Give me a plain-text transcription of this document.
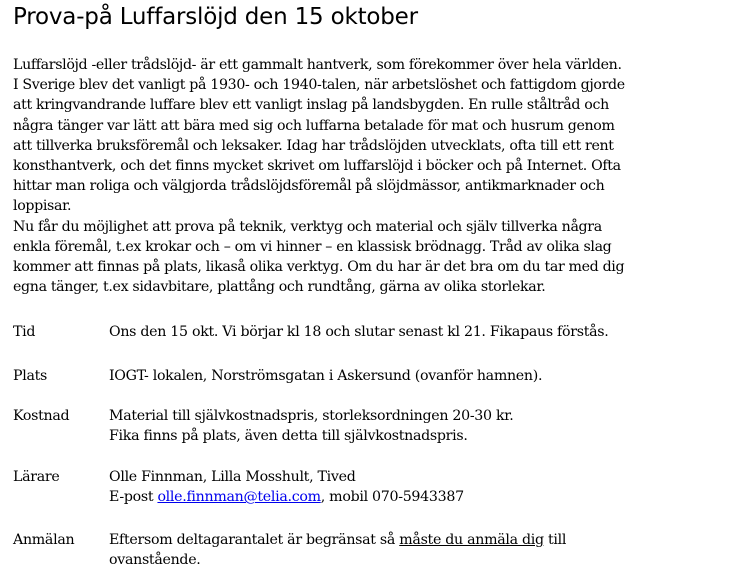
Prova-på Luffarslöjd den 15 oktober

Luffarslöjd -eller trådslöjd- är ett gammalt hantverk, som förekommer över hela världen.
I Sverige blev det vanligt på 1930- och 1940-talen, när arbetslöshet och fattigdom gjorde
att kringvandrande luffare blev ett vanligt inslag på landsbygden. En rulle ståltråd och
några tänger var lätt att bära med sig och luffarna betalade för mat och husrum genom
att tillverka bruksföremål och leksaker. Idag har trådslöjden utvecklats, ofta till ett rent
konsthantverk, och det finns mycket skrivet om luffarslöjd i böcker och på Internet. Ofta
hittar man roliga och välgjorda trådslöjdsföremål på slöjdmässor, antikmarknader och
loppisar.

Nu får du möjlighet att prova på teknik, verktyg och material och själv tillverka några
enkla föremål, t.ex krokar och – om vi hinner – en klassisk brödnagg. Tråd av olika slag
kommer att finnas på plats, likaså olika verktyg. Om du har är det bra om du tar med dig
egna tänger, t.ex sidavbitare, plattång och rundtång, gärna av olika storlekar.

Tid	Ons den 15 okt. Vi börjar kl 18 och slutar senast kl 21. Fikapaus förstås.
Plats	IOGT- lokalen, Norströmsgatan i Askersund (ovanför hamnen).
Kostnad	Material till självkostnadspris, storleksordningen 20-30 kr.
Fika finns på plats, även detta till självkostnadspris.
Lärare	Olle Finnman, Lilla Mosshult, Tived
E-post olle.finnman@telia.com, mobil 070-5943387
Anmälan Eftersom deltagarantalet är begränsat så måste du anmäla dig till
ovanstående.
